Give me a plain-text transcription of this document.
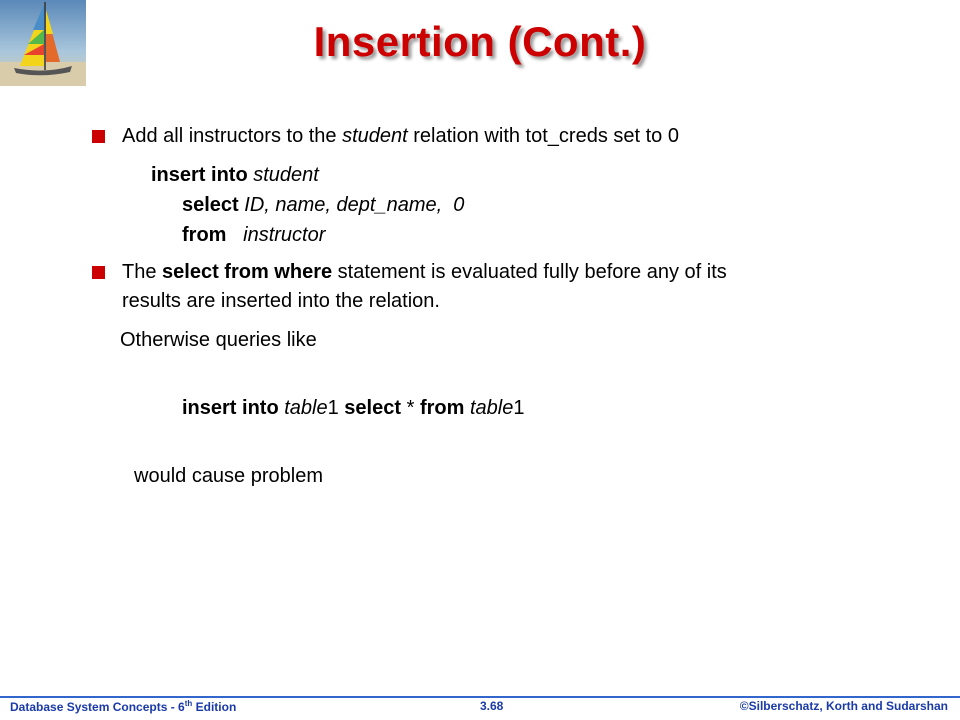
Insertion (Cont.)
Add all instructors to the student relation with tot_creds set to 0
insert into student
select ID, name, dept_name,  0
from instructor
The select from where statement is evaluated fully before any of its
results are inserted into the relation.
Otherwise queries like
insert into table1 select * from table1
would cause problem
Database System Concepts - 6th Edition	3.68	©Silberschatz, Korth and Sudarshan
